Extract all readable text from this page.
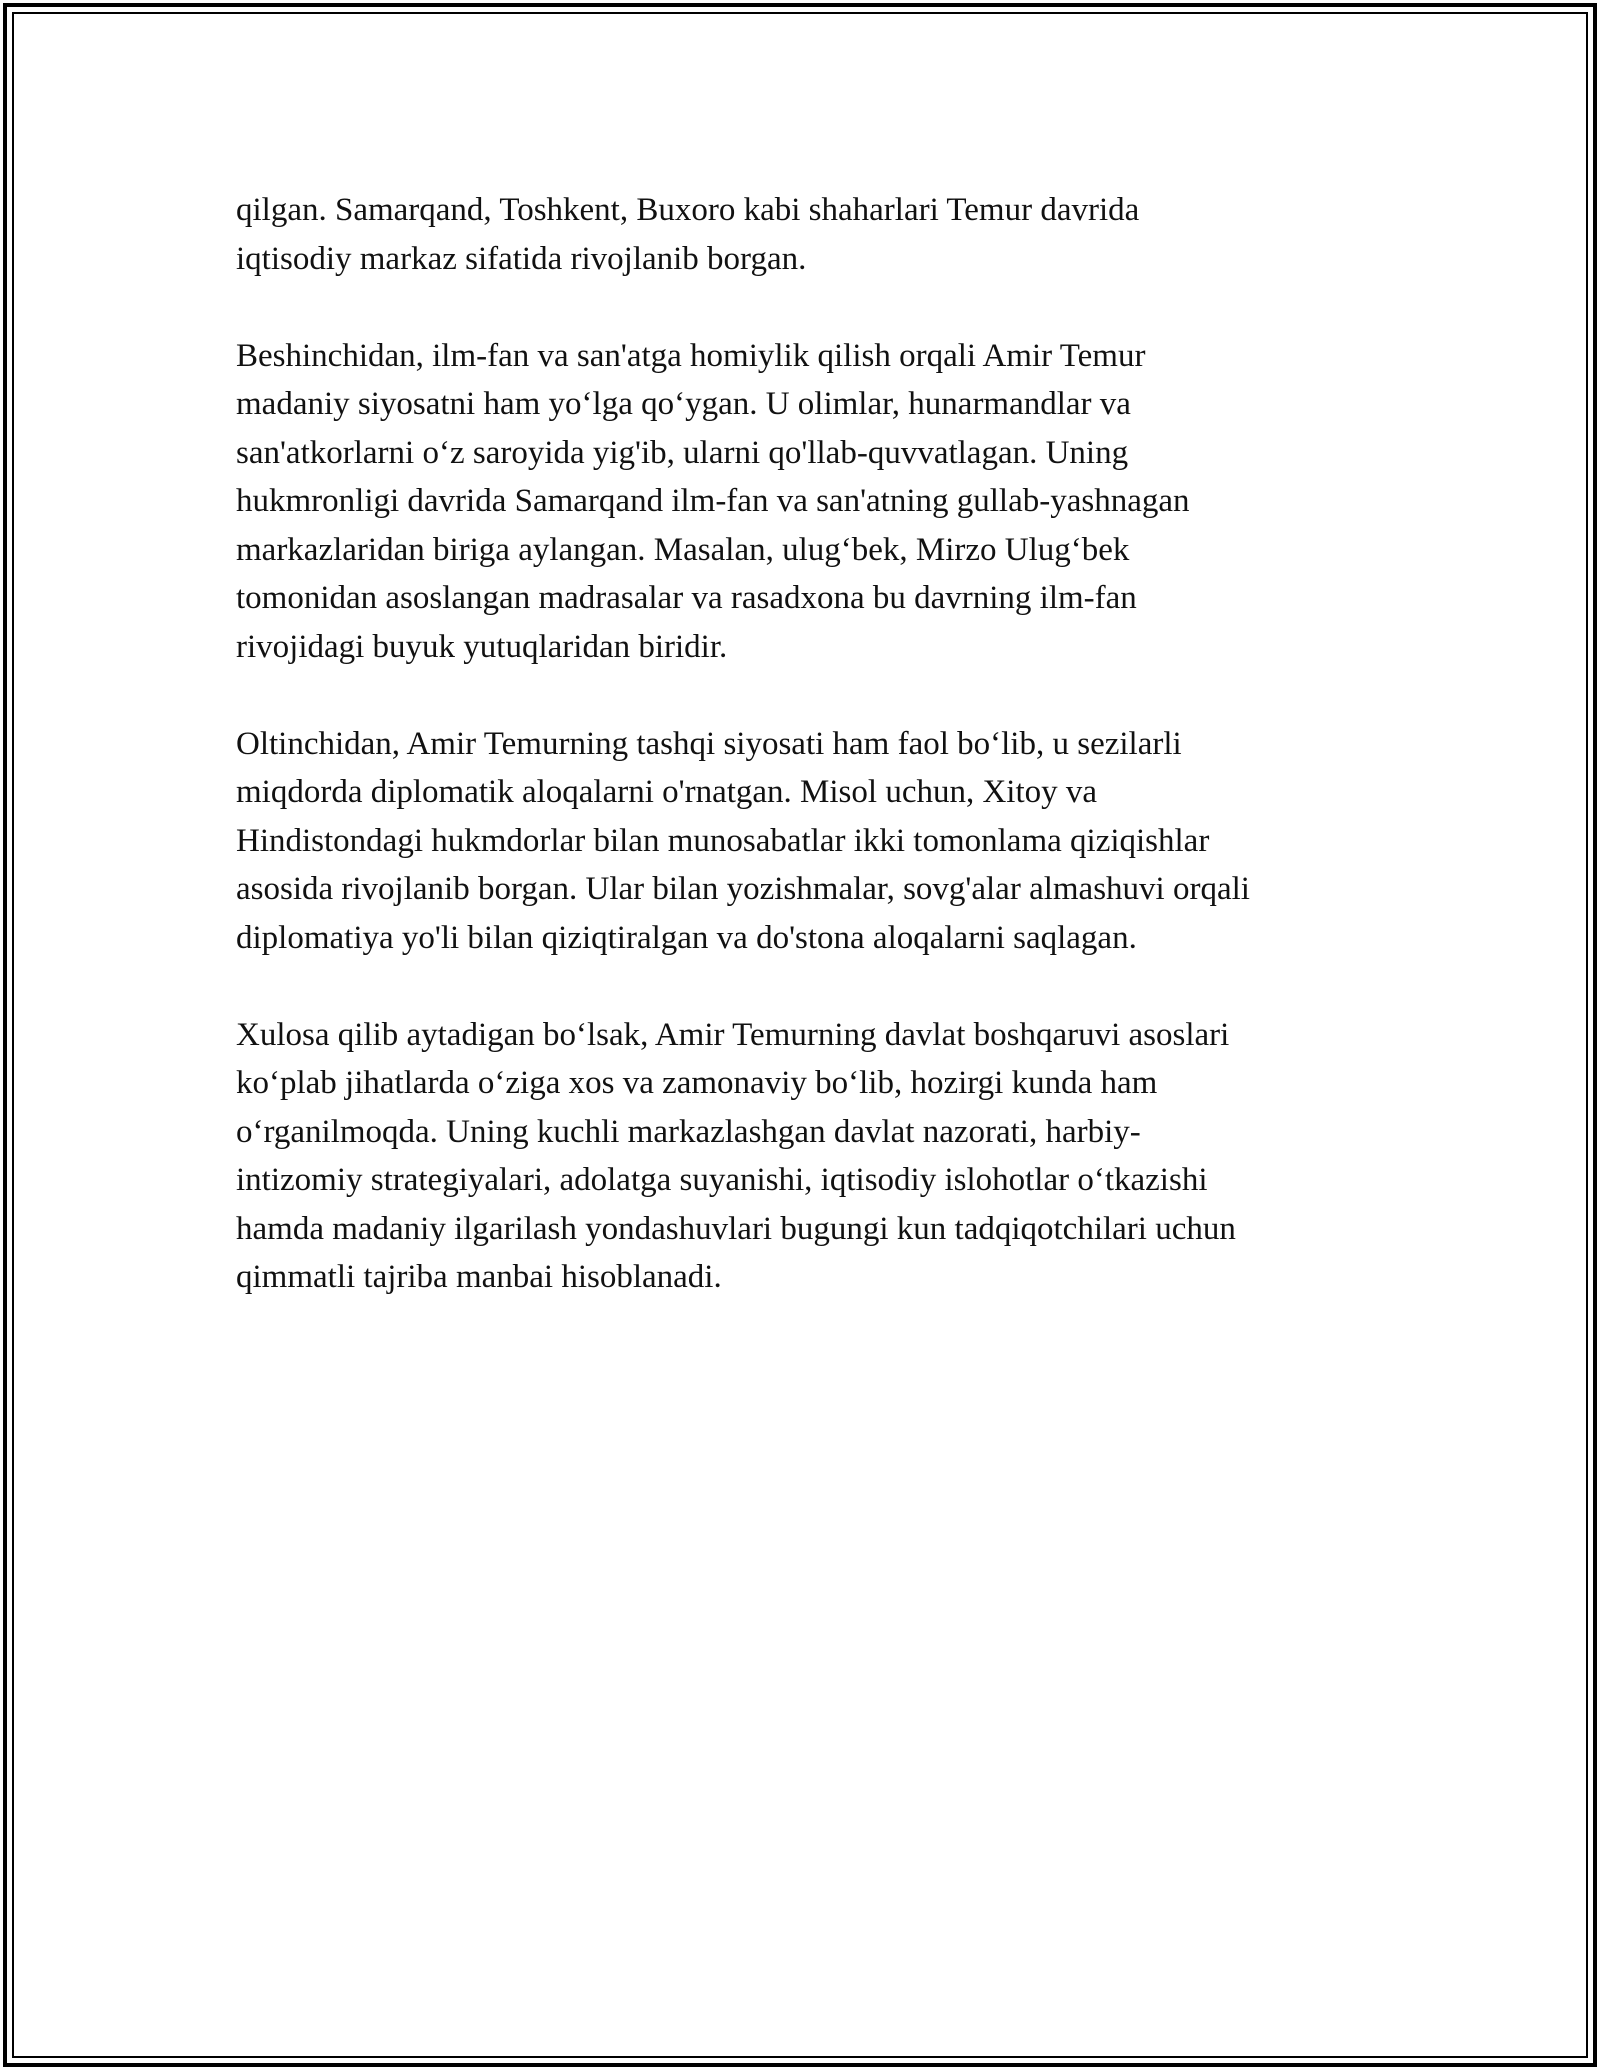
qilgan. Samarqand, Toshkent, Buxoro kabi shaharlari Temur davrida
iqtisodiy markaz sifatida rivojlanib borgan.

Beshinchidan, ilm-fan va san'atga homiylik qilish orqali Amir Temur
madaniy siyosatni ham yo‘lga qo‘ygan. U olimlar, hunarmandlar va
san'atkorlarni o‘z saroyida yig'ib, ularni qo'llab-quvvatlagan. Uning
hukmronligi davrida Samarqand ilm-fan va san'atning gullab-yashnagan
markazlaridan biriga aylangan. Masalan, ulug‘bek, Mirzo Ulug‘bek
tomonidan asoslangan madrasalar va rasadxona bu davrning ilm-fan
rivojidagi buyuk yutuqlaridan biridir.

Oltinchidan, Amir Temurning tashqi siyosati ham faol bo‘lib, u sezilarli
miqdorda diplomatik aloqalarni o'rnatgan. Misol uchun, Xitoy va
Hindistondagi hukmdorlar bilan munosabatlar ikki tomonlama qiziqishlar
asosida rivojlanib borgan. Ular bilan yozishmalar, sovg'alar almashuvi orqali
diplomatiya yo'li bilan qiziqtiralgan va do'stona aloqalarni saqlagan.

Xulosa qilib aytadigan bo‘lsak, Amir Temurning davlat boshqaruvi asoslari
ko‘plab jihatlarda o‘ziga xos va zamonaviy bo‘lib, hozirgi kunda ham
o‘rganilmoqda. Uning kuchli markazlashgan davlat nazorati, harbiy-
intizomiy strategiyalari, adolatga suyanishi, iqtisodiy islohotlar o‘tkazishi
hamda madaniy ilgarilash yondashuvlari bugungi kun tadqiqotchilari uchun
qimmatli tajriba manbai hisoblanadi.
